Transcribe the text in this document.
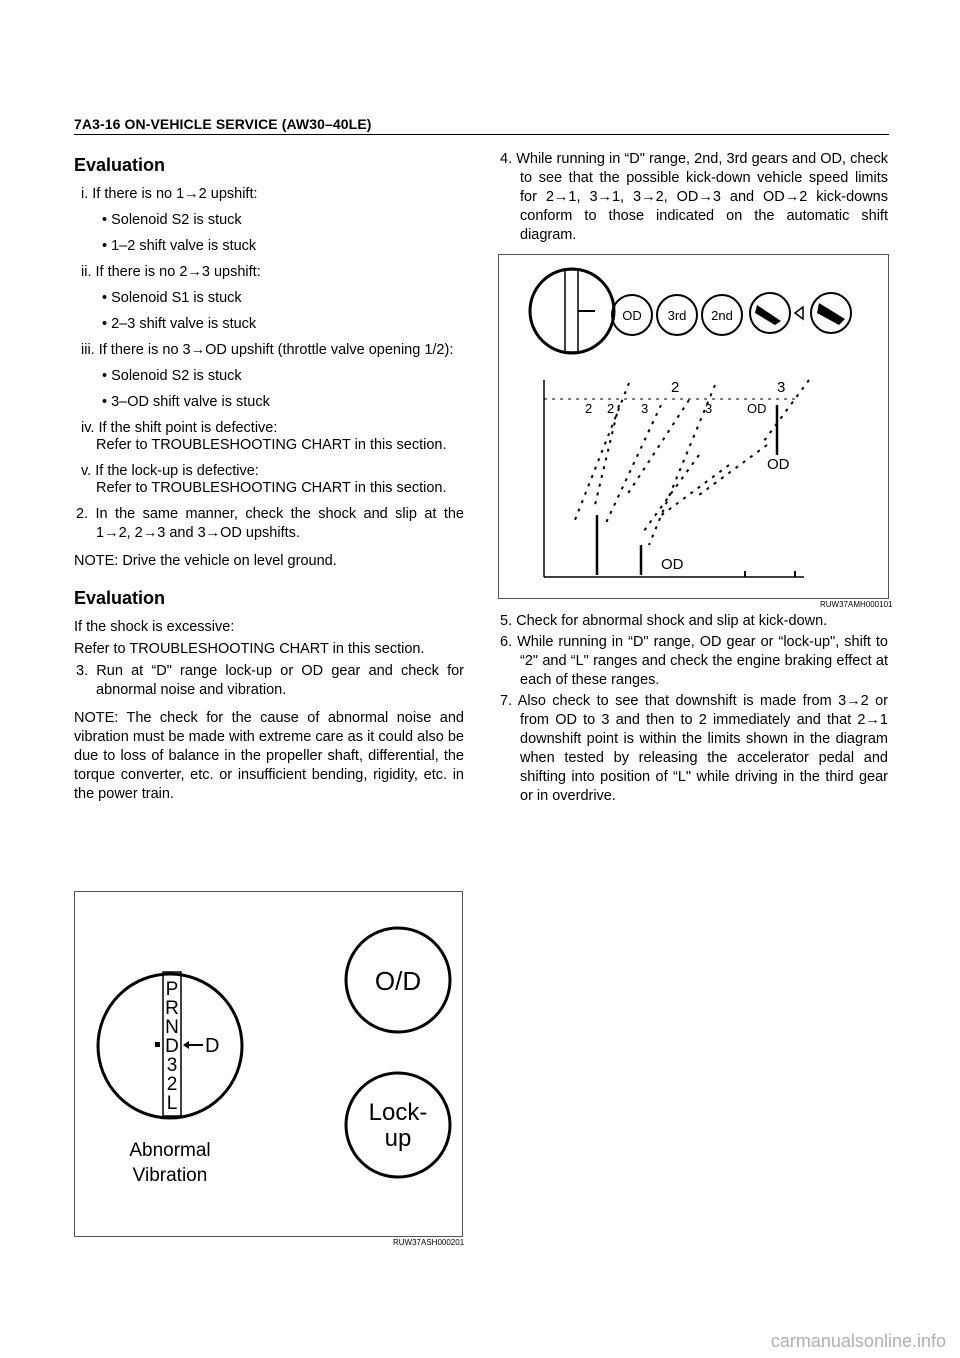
7A3-16 ON-VEHICLE SERVICE (AW30–40LE)
Evaluation

i. If there is no 1→2 upshift:

• Solenoid S2 is stuck

• 1–2 shift valve is stuck

ii. If there is no 2→3 upshift:

• Solenoid S1 is stuck

• 2–3 shift valve is stuck

iii. If there is no 3→OD upshift (throttle valve opening 1/2):

• Solenoid S2 is stuck

• 3–OD shift valve is stuck

iv. If the shift point is defective:

Refer to TROUBLESHOOTING CHART in this section.

v. If the lock-up is defective:

Refer to TROUBLESHOOTING CHART in this section.

2. In the same manner, check the shock and slip at the 1→2, 2→3 and 3→OD upshifts.

NOTE: Drive the vehicle on level ground.

Evaluation

If the shock is excessive:

Refer to TROUBLESHOOTING CHART in this section.

3. Run at “D" range lock-up or OD gear and check for abnormal noise and vibration.

NOTE: The check for the cause of abnormal noise and vibration must be made with extreme care as it could also be due to loss of balance in the propeller shaft, differential, the torque converter, etc. or insufficient bending, rigidity, etc. in the power train.

P
R
N
D
3
2
L
D
O/D
Lock-
up
Abnormal
Vibration
RUW37ASH000201

4. While running in “D" range, 2nd, 3rd gears and OD, check to see that the possible kick-down vehicle speed limits for 2→1, 3→1, 3→2, OD→3 and OD→2 kick-downs conform to those indicated on the automatic shift diagram.

OD 3rd 2nd
2	3
2 2 3	3	OD
OD
OD
RUW37AMH000101

5. Check for abnormal shock and slip at kick-down.

6. While running in “D" range, OD gear or “lock-up", shift to “2" and “L" ranges and check the engine braking effect at each of these ranges.

7. Also check to see that downshift is made from 3→2 or from OD to 3 and then to 2 immediately and that 2→1 downshift point is within the limits shown in the diagram when tested by releasing the accelerator pedal and shifting into position of “L" while driving in the third gear or in overdrive.

carmanualsonline.info
